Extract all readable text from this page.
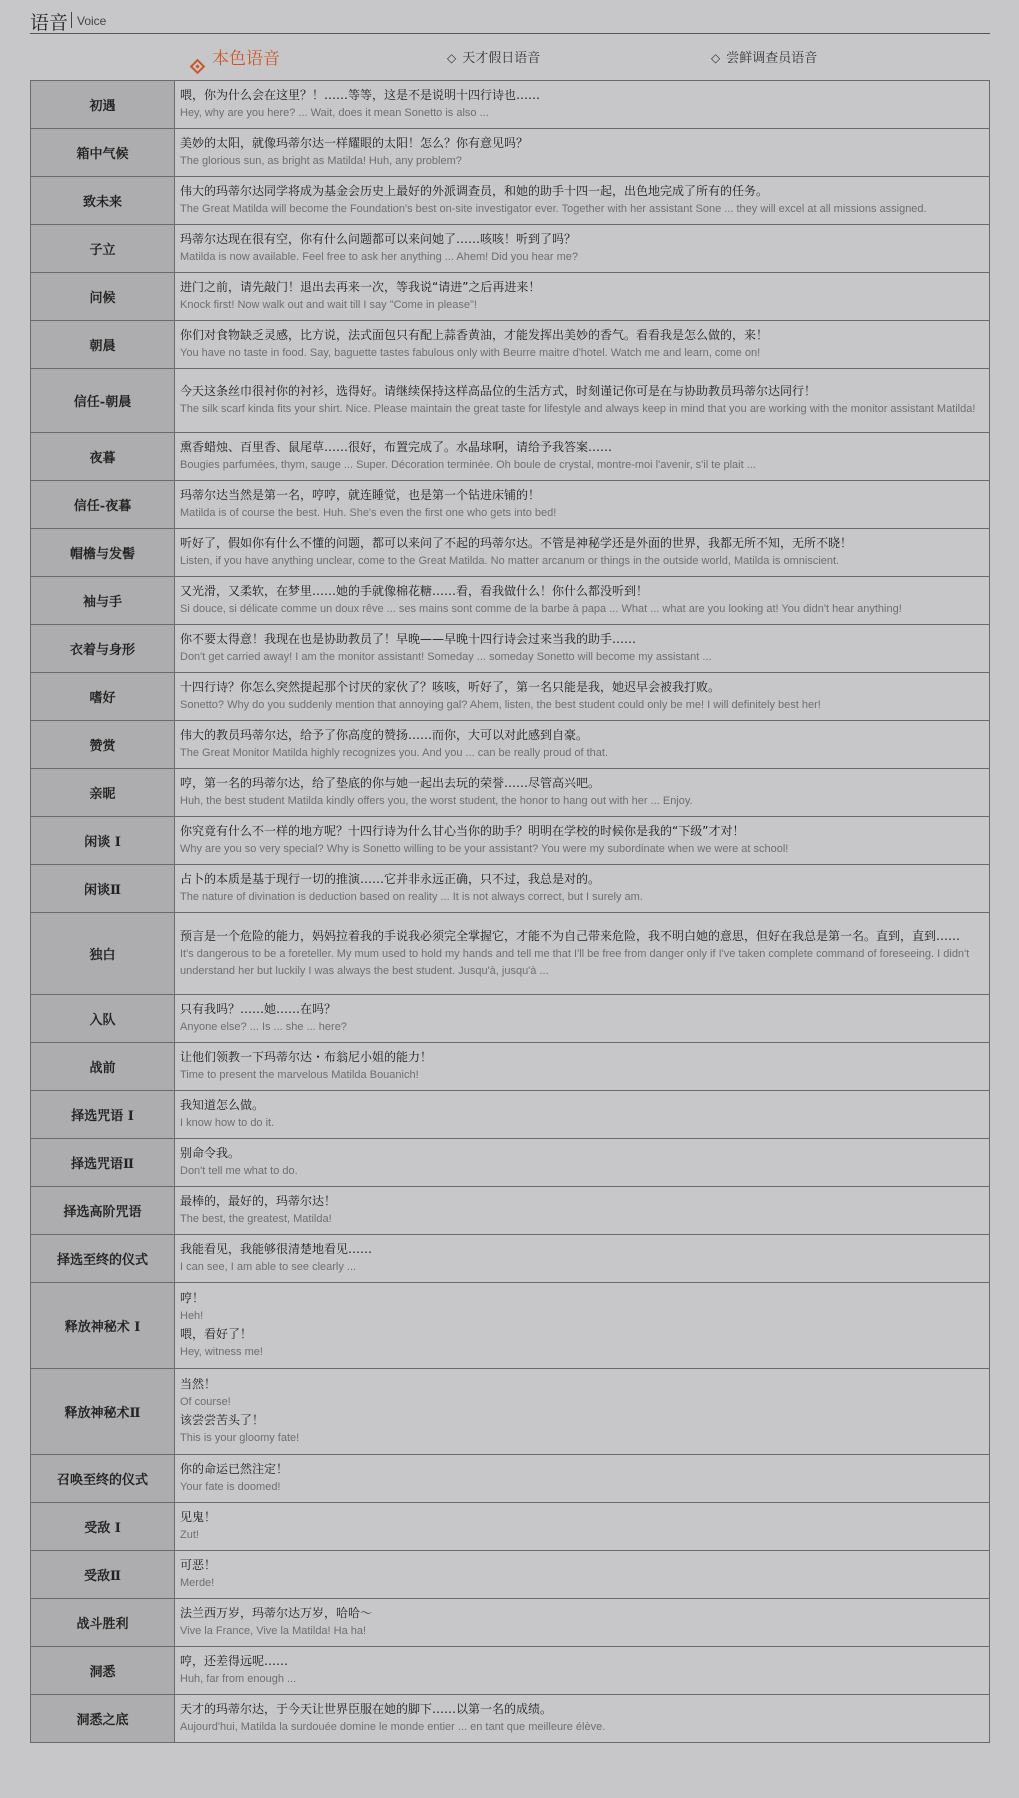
语音 Voice
本色语音	◇ 天才假日语音	◇ 尝鲜调查员语音
初遇	喂，你为什么会在这里？！……等等，这是不是说明十四行诗也……
Hey, why are you here? ... Wait, does it mean Sonetto is also ...

箱中气候	美妙的太阳，就像玛蒂尔达一样耀眼的太阳！怎么？你有意见吗？
The glorious sun, as bright as Matilda! Huh, any problem?

致未来	伟大的玛蒂尔达同学将成为基金会历史上最好的外派调查员，和她的助手十四一起，出色地完成了所有的任务。
The Great Matilda will become the Foundation's best on-site investigator ever. Together with her assistant Sone ... they will excel at all missions assigned.

子立	玛蒂尔达现在很有空，你有什么问题都可以来问她了……咳咳！听到了吗？
Matilda is now available. Feel free to ask her anything ... Ahem! Did you hear me?

问候	进门之前，请先敲门！退出去再来一次，等我说“请进”之后再进来！
Knock first! Now walk out and wait till I say "Come in please"!

朝晨	你们对食物缺乏灵感，比方说，法式面包只有配上蒜香黄油，才能发挥出美妙的香气。看看我是怎么做的，来！
You have no taste in food. Say, baguette tastes fabulous only with Beurre maitre d'hotel. Watch me and learn, come on!

信任-朝晨	今天这条丝巾很衬你的衬衫，选得好。请继续保持这样高品位的生活方式，时刻谨记你可是在与协助教员玛蒂尔达同行！
The silk scarf kinda fits your shirt. Nice. Please maintain the great taste for lifestyle and always keep in mind that you are working with the monitor assistant Matilda!

夜暮	熏香蜡烛、百里香、鼠尾草……很好，布置完成了。水晶球啊，请给予我答案……
Bougies parfumées, thym, sauge ... Super. Décoration terminée. Oh boule de crystal, montre-moi l'avenir, s'il te plait ...

信任-夜暮	玛蒂尔达当然是第一名，哼哼，就连睡觉，也是第一个钻进床铺的！
Matilda is of course the best. Huh. She's even the first one who gets into bed!

帽檐与发髻	听好了，假如你有什么不懂的问题，都可以来问了不起的玛蒂尔达。不管是神秘学还是外面的世界，我都无所不知，无所不晓！
Listen, if you have anything unclear, come to the Great Matilda. No matter arcanum or things in the outside world, Matilda is omniscient.

袖与手	又光滑，又柔软，在梦里……她的手就像棉花糖……看，看我做什么！你什么都没听到！
Si douce, si délicate comme un doux rêve ... ses mains sont comme de la barbe à papa ... What ... what are you looking at! You didn't hear anything!

衣着与身形	你不要太得意！我现在也是协助教员了！早晚——早晚十四行诗会过来当我的助手……
Don't get carried away! I am the monitor assistant! Someday ... someday Sonetto will become my assistant ...

嗜好	十四行诗？你怎么突然提起那个讨厌的家伙了？咳咳，听好了，第一名只能是我，她迟早会被我打败。
Sonetto? Why do you suddenly mention that annoying gal? Ahem, listen, the best student could only be me! I will definitely best her!

赞赏	伟大的教员玛蒂尔达，给予了你高度的赞扬……而你，大可以对此感到自豪。
The Great Monitor Matilda highly recognizes you. And you ... can be really proud of that.

亲昵	哼，第一名的玛蒂尔达，给了垫底的你与她一起出去玩的荣誉……尽管高兴吧。
Huh, the best student Matilda kindly offers you, the worst student, the honor to hang out with her ... Enjoy.

闲谈 I	你究竟有什么不一样的地方呢？十四行诗为什么甘心当你的助手？明明在学校的时候你是我的“下级”才对！
Why are you so very special? Why is Sonetto willing to be your assistant? You were my subordinate when we were at school!

闲谈Ⅱ	占卜的本质是基于现行一切的推演……它并非永远正确，只不过，我总是对的。
The nature of divination is deduction based on reality ... It is not always correct, but I surely am.

独白	预言是一个危险的能力，妈妈拉着我的手说我必须完全掌握它，才能不为自己带来危险，我不明白她的意思，但好在我总是第一名。直到，直到……
It's dangerous to be a foreteller. My mum used to hold my hands and tell me that I'll be free from danger only if I've taken complete command of foreseeing. I didn't understand her but luckily I was always the best student. Jusqu'à, jusqu'à ...

入队	只有我吗？……她……在吗？
Anyone else? ... Is ... she ... here?

战前	让他们领教一下玛蒂尔达・布翁尼小姐的能力！
Time to present the marvelous Matilda Bouanich!

择选咒语 I	我知道怎么做。
I know how to do it.

择选咒语Ⅱ	别命令我。
Don't tell me what to do.

择选高阶咒语	最棒的，最好的，玛蒂尔达！
The best, the greatest, Matilda!

择选至终的仪式	我能看见，我能够很清楚地看见……
I can see, I am able to see clearly ...

释放神秘术 I	哼！
Heh!
喂，看好了！
Hey, witness me!

释放神秘术Ⅱ	当然！
Of course!
该尝尝苦头了！
This is your gloomy fate!

召唤至终的仪式	你的命运已然注定！
Your fate is doomed!

受敌 I	见鬼！
Zut!

受敌Ⅱ	可恶！
Merde!

战斗胜利	法兰西万岁，玛蒂尔达万岁，哈哈～
Vive la France, Vive la Matilda! Ha ha!

洞悉	哼，还差得远呢……
Huh, far from enough ...

洞悉之底	天才的玛蒂尔达，于今天让世界臣服在她的脚下……以第一名的成绩。
Aujourd'hui, Matilda la surdouée domine le monde entier ... en tant que meilleure élève.
